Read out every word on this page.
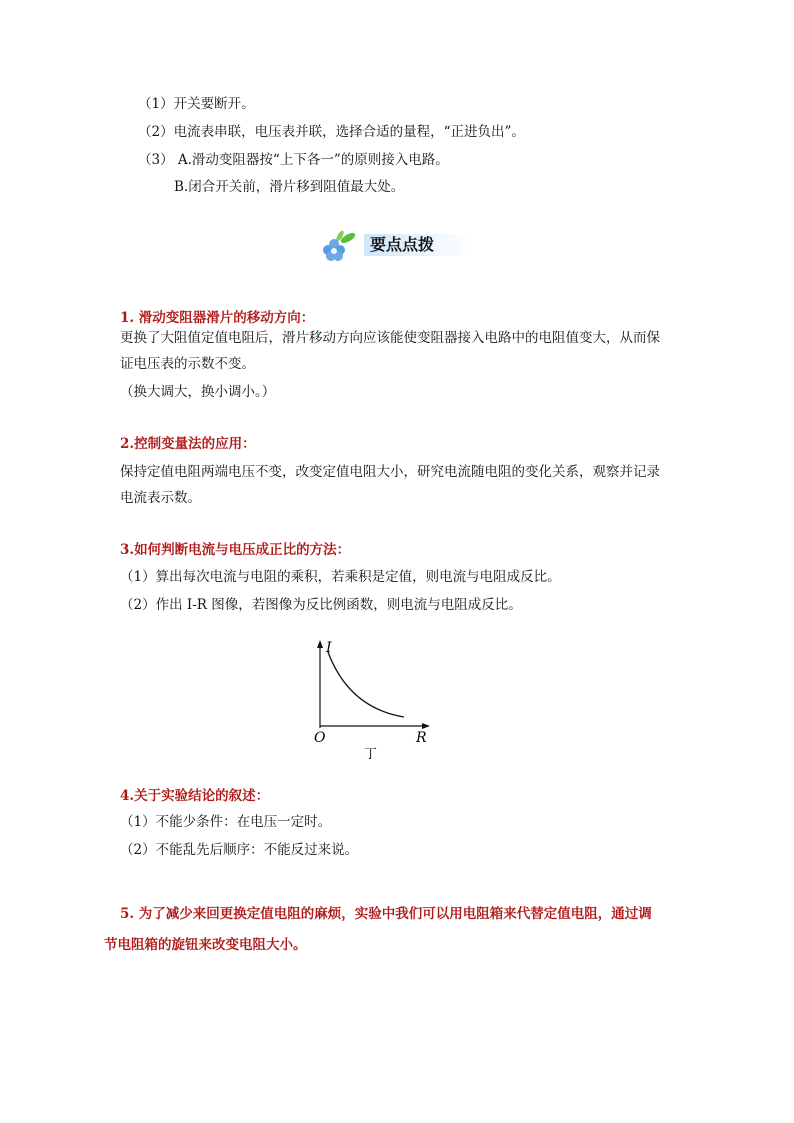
（1）开关要断开。
（2）电流表串联，电压表并联，选择合适的量程，“正进负出”。
（3） A.滑动变阻器按“上下各一”的原则接入电路。
B.闭合开关前，滑片移到阻值最大处。
要点点拨
1. 滑动变阻器滑片的移动方向：
更换了大阻值定值电阻后，滑片移动方向应该能使变阻器接入电路中的电阻值变大，从而保
证电压表的示数不变。
（换大调大，换小调小。）
2.控制变量法的应用：
保持定值电阻两端电压不变，改变定值电阻大小，研究电流随电阻的变化关系，观察并记录
电流表示数。
3.如何判断电流与电压成正比的方法：
（1）算出每次电流与电阻的乘积，若乘积是定值，则电流与电阻成反比。
（2）作出 I-R 图像，若图像为反比例函数，则电流与电阻成反比。
I
R
O
丁
4.关于实验结论的叙述：
（1）不能少条件：在电压一定时。
（2）不能乱先后顺序：不能反过来说。
5. 为了减少来回更换定值电阻的麻烦，实验中我们可以用电阻箱来代替定值电阻，通过调
节电阻箱的旋钮来改变电阻大小。
